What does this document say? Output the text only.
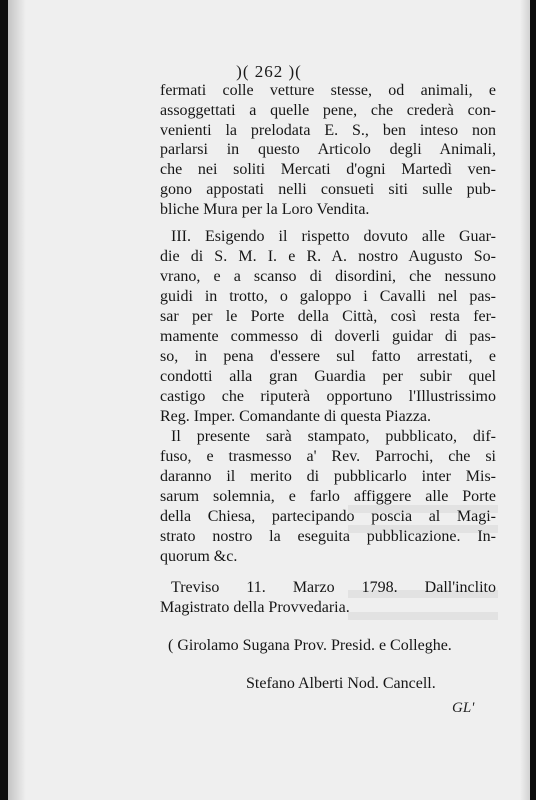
)( 262 )(
fermati colle vetture stesse, od animali, e
assoggettati a quelle pene, che crederà con-
venienti la prelodata E. S., ben inteso non
parlarsi in questo Articolo degli Animali,
che nei soliti Mercati d'ogni Martedì ven-
gono appostati nelli consueti siti sulle pub-
bliche Mura per la Loro Vendita.
III. Esigendo il rispetto dovuto alle Guar-
die di S. M. I. e R. A. nostro Augusto So-
vrano, e a scanso di disordini, che nessuno
guidi in trotto, o galoppo i Cavalli nel pas-
sar per le Porte della Città, così resta fer-
mamente commesso di doverli guidar di pas-
so, in pena d'essere sul fatto arrestati, e
condotti alla gran Guardia per subir quel
castigo che riputerà opportuno l'Illustrissimo
Reg. Imper. Comandante di questa Piazza.
Il presente sarà stampato, pubblicato, dif-
fuso, e trasmesso a' Rev. Parrochi, che si
daranno il merito di pubblicarlo inter Mis-
sarum solemnia, e farlo affiggere alle Porte
della Chiesa, partecipando poscia al Magi-
strato nostro la eseguita pubblicazione. In-
quorum &c.
Treviso 11. Marzo 1798. Dall'inclito
Magistrato della Provvedaria.
( Girolamo Sugana Prov. Presid. e Colleghe.
Stefano Alberti Nod. Cancell.
GL'
